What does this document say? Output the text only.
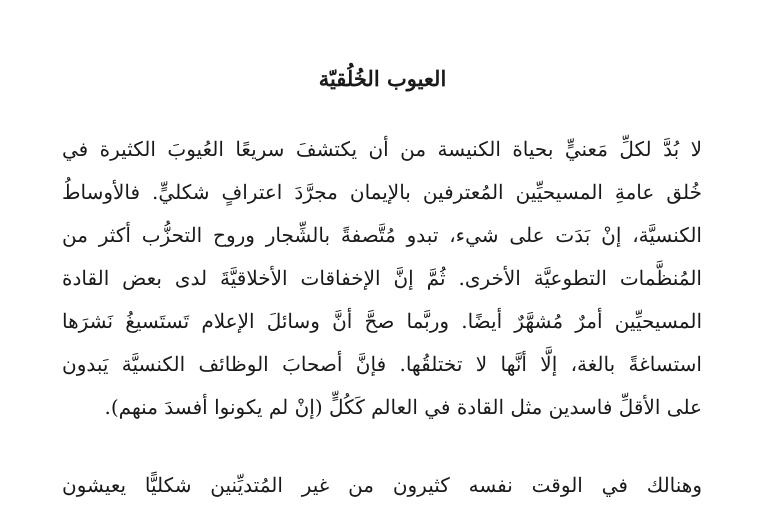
العيوب الخُلُقيّة
لا بُدَّ لكلِّ مَعنيٍّ بحياة الكنيسة من أن يكتشفَ سريعًا العُيوبَ الكثيرة في
خُلق عامةِ المسيحيِّين المُعترفين بالإيمان مجرَّدَ اعترافٍ شكليٍّ. فالأوساطُ
الكنسيَّة، إنْ بَدَت على شيء، تبدو مُتَّصفةً بالشِّجار وروح التحزُّب أكثر من
المُنظَّمات التطوعيَّة الأخرى. ثُمَّ إنَّ الإخفاقات الأخلاقيَّةَ لدى بعض القادة
المسيحيِّين أمرٌ مُشهَّرٌ أيضًا. وربَّما صحَّ أنَّ وسائلَ الإعلام تَستَسيغُ نَشرَها
استساغةً بالغة، إلَّا أنَّها لا تختلقُها. فإنَّ أصحابَ الوظائف الكنسيَّة يَبدون
على الأقلِّ فاسدين مثل القادة في العالم كَكُلٍّ (إنْ لم يكونوا أفسدَ منهم).
وهنالك في الوقت نفسه كثيرون من غير المُتديِّنين شكليًّا يعيشون
